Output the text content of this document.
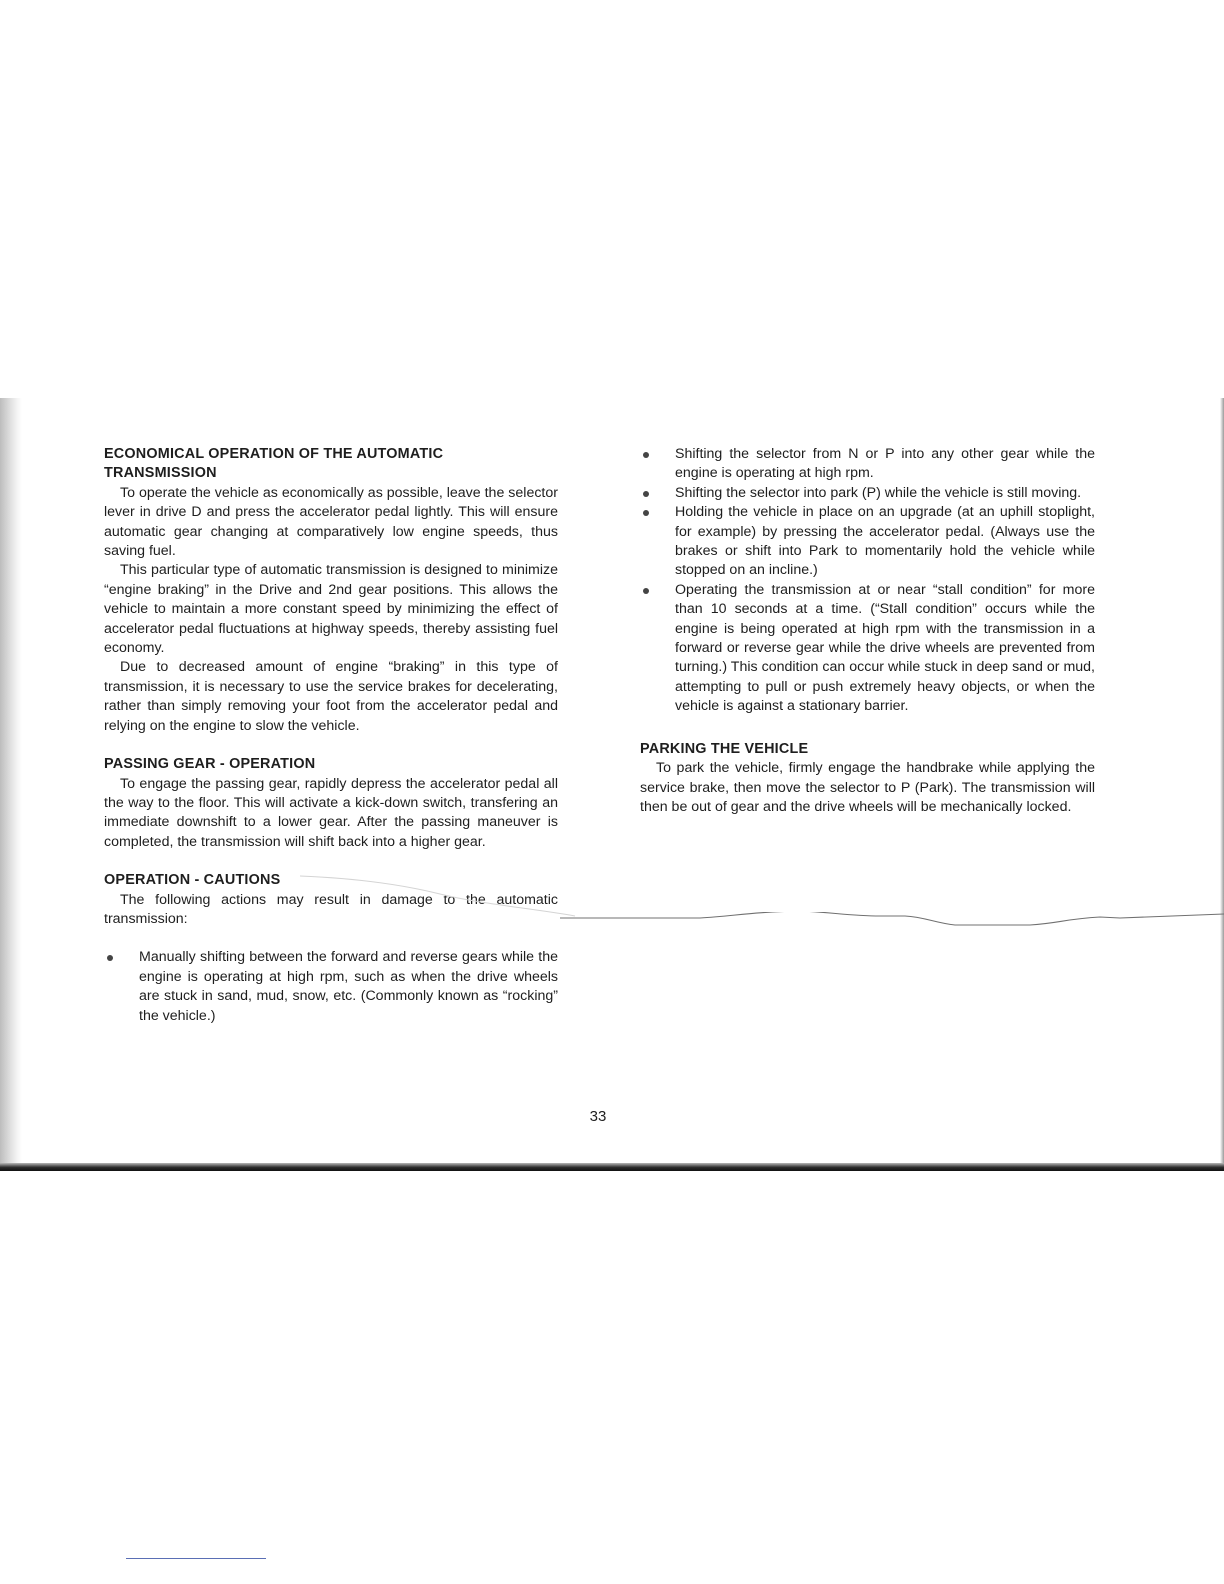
ECONOMICAL OPERATION OF THE AUTOMATIC TRANSMISSION

To operate the vehicle as economically as possible, leave the selector lever in drive D and press the accelerator pedal lightly. This will ensure automatic gear changing at comparatively low engine speeds, thus saving fuel.

This particular type of automatic transmission is designed to minimize “engine braking” in the Drive and 2nd gear positions. This allows the vehicle to maintain a more constant speed by minimizing the effect of accelerator pedal fluctuations at highway speeds, thereby assisting fuel economy.

Due to decreased amount of engine “braking” in this type of transmission, it is necessary to use the service brakes for decelerating, rather than simply removing your foot from the accelerator pedal and relying on the engine to slow the vehicle.

PASSING GEAR - OPERATION

To engage the passing gear, rapidly depress the accelerator pedal all the way to the floor. This will activate a kick-down switch, transfering an immediate downshift to a lower gear. After the passing maneuver is completed, the transmission will shift back into a higher gear.

OPERATION - CAUTIONS

The following actions may result in damage to the automatic transmission:

Manually shifting between the forward and reverse gears while the engine is operating at high rpm, such as when the drive wheels are stuck in sand, mud, snow, etc. (Commonly known as “rocking” the vehicle.)
Shifting the selector from N or P into any other gear while the engine is operating at high rpm.
Shifting the selector into park (P) while the vehicle is still moving.
Holding the vehicle in place on an upgrade (at an uphill stoplight, for example) by pressing the accelerator pedal. (Always use the brakes or shift into Park to momentarily hold the vehicle while stopped on an incline.)
Operating the transmission at or near “stall condition” for more than 10 seconds at a time. (“Stall condition” occurs while the engine is being operated at high rpm with the transmission in a forward or reverse gear while the drive wheels are prevented from turning.) This condition can occur while stuck in deep sand or mud, attempting to pull or push extremely heavy objects, or when the vehicle is against a stationary barrier.
PARKING THE VEHICLE

To park the vehicle, firmly engage the handbrake while applying the service brake, then move the selector to P (Park). The transmission will then be out of gear and the drive wheels will be mechanically locked.

33
